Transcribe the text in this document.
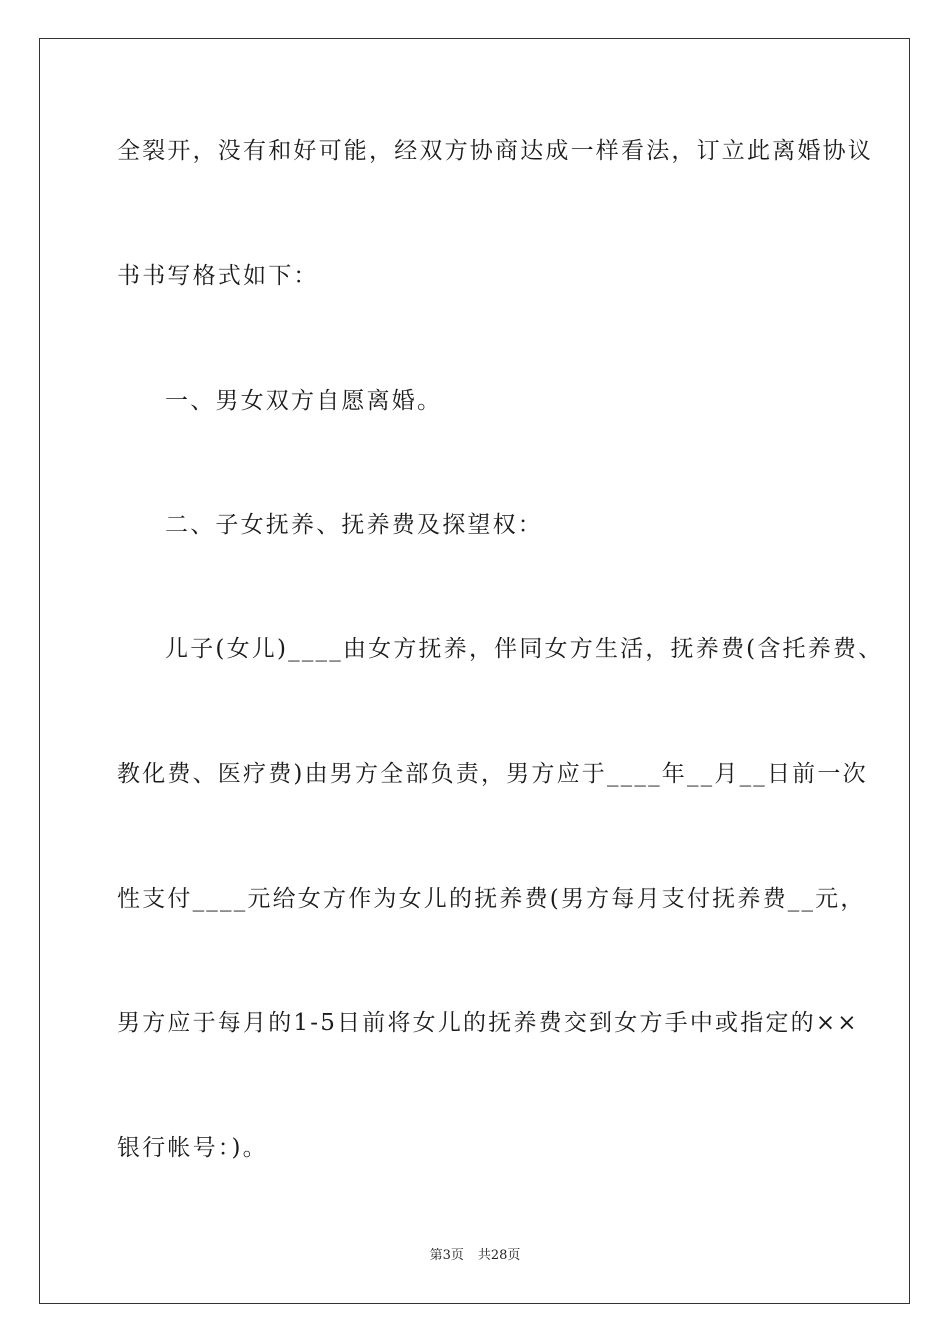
全裂开，没有和好可能，经双方协商达成一样看法，订立此离婚协议
书书写格式如下：
一、男女双方自愿离婚。
二、子女抚养、抚养费及探望权：
儿子(女儿)____由女方抚养，伴同女方生活，抚养费(含托养费、
教化费、医疗费)由男方全部负责，男方应于____年__月__日前一次
性支付____元给女方作为女儿的抚养费(男方每月支付抚养费__元，
男方应于每月的1-5日前将女儿的抚养费交到女方手中或指定的××
银行帐号：)。
第3页 共28页
